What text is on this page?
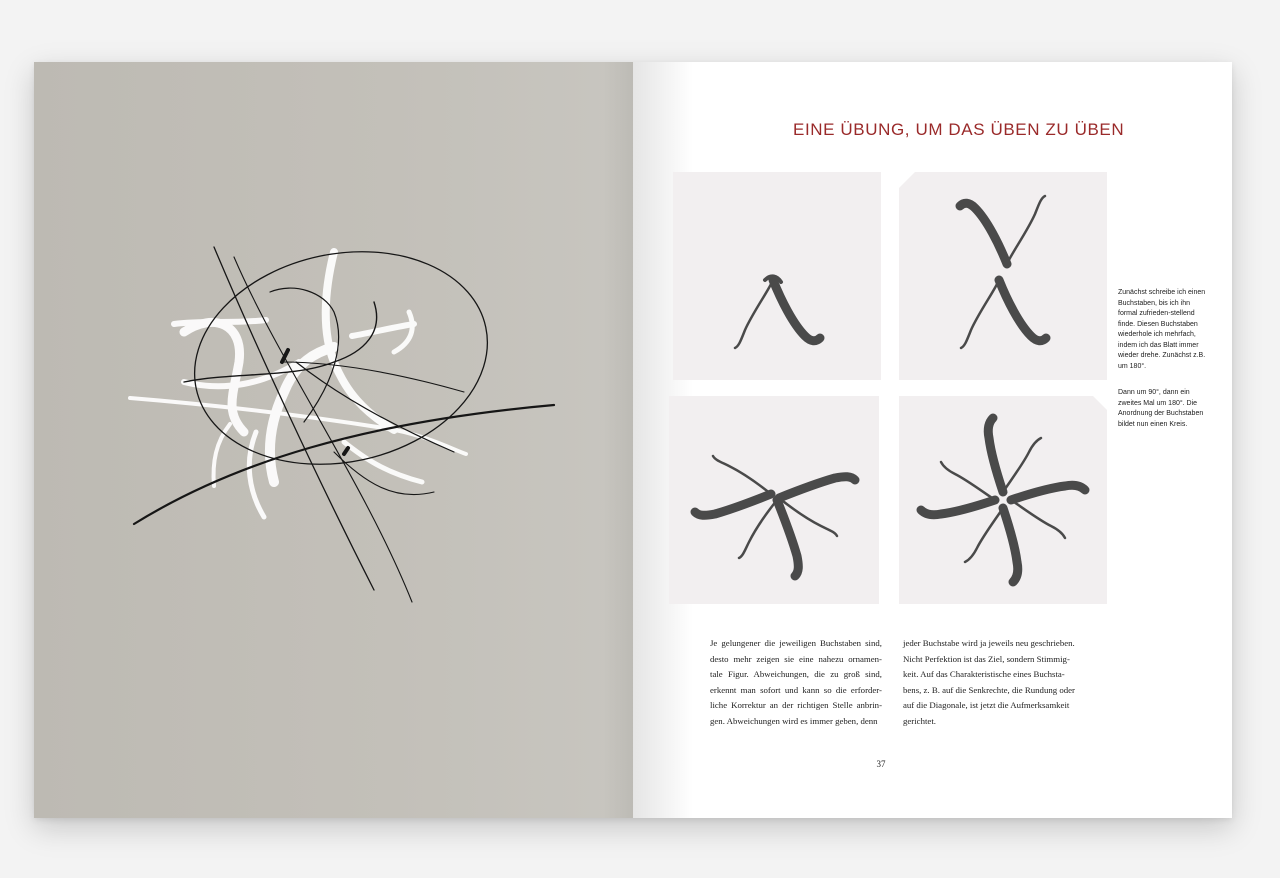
EINE ÜBUNG, UM DAS ÜBEN ZU ÜBEN

Zunächst schreibe ich einen Buchstaben, bis ich ihn formal zufrieden-stellend finde. Diesen Buchstaben wiederhole ich mehrfach, indem ich das Blatt immer wieder drehe. Zunächst z.B. um 180°.

Dann um 90°, dann ein zweites Mal um 180°. Die Anordnung der Buchstaben bildet nun einen Kreis.

Je gelungener die jeweiligen Buchstaben sind,
desto mehr zeigen sie eine nahezu ornamen-
tale Figur. Abweichungen, die zu groß sind,
erkennt man sofort und kann so die erforder-
liche Korrektur an der richtigen Stelle anbrin-
gen. Abweichungen wird es immer geben, denn

jeder Buchstabe wird ja jeweils neu geschrieben.
Nicht Perfektion ist das Ziel, sondern Stimmig-
keit. Auf das Charakteristische eines Buchsta-
bens, z. B. auf die Senkrechte, die Rundung oder
auf die Diagonale, ist jetzt die Aufmerksamkeit
gerichtet.

37
